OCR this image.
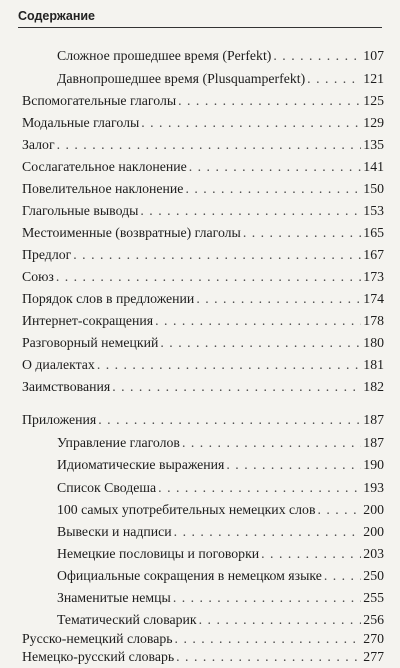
Содержание
Сложное прошедшее время (Perfekt) . . .	107
Давнопрошедшее время (Plusquamperfekt) . . .	121
Вспомогательные глаголы . . .	125
Модальные глаголы . . .	129
Залог . . .	135
Сослагательное наклонение . . .	141
Повелительное наклонение . . .	150
Глагольные выводы . . .	153
Местоименные (возвратные) глаголы . . .	165
Предлог . . .	167
Союз . . .	173
Порядок слов в предложении . . .	174
Интернет-сокращения . . .	178
Разговорный немецкий . . .	180
О диалектах . . .	181
Заимствования . . .	182
Приложения . . .	187
Управление глаголов . . .	187
Идиоматические выражения . . .	190
Список Сводеша . . .	193
100 самых употребительных немецких слов . . .	200
Вывески и надписи . . .	200
Немецкие пословицы и поговорки . . .	203
Официальные сокращения в немецком языке . . .	250
Знаменитые немцы . . .	255
Тематический словарик . . .	256
Русско-немецкий словарь . . .	270
Немецко-русский словарь . . .	277
